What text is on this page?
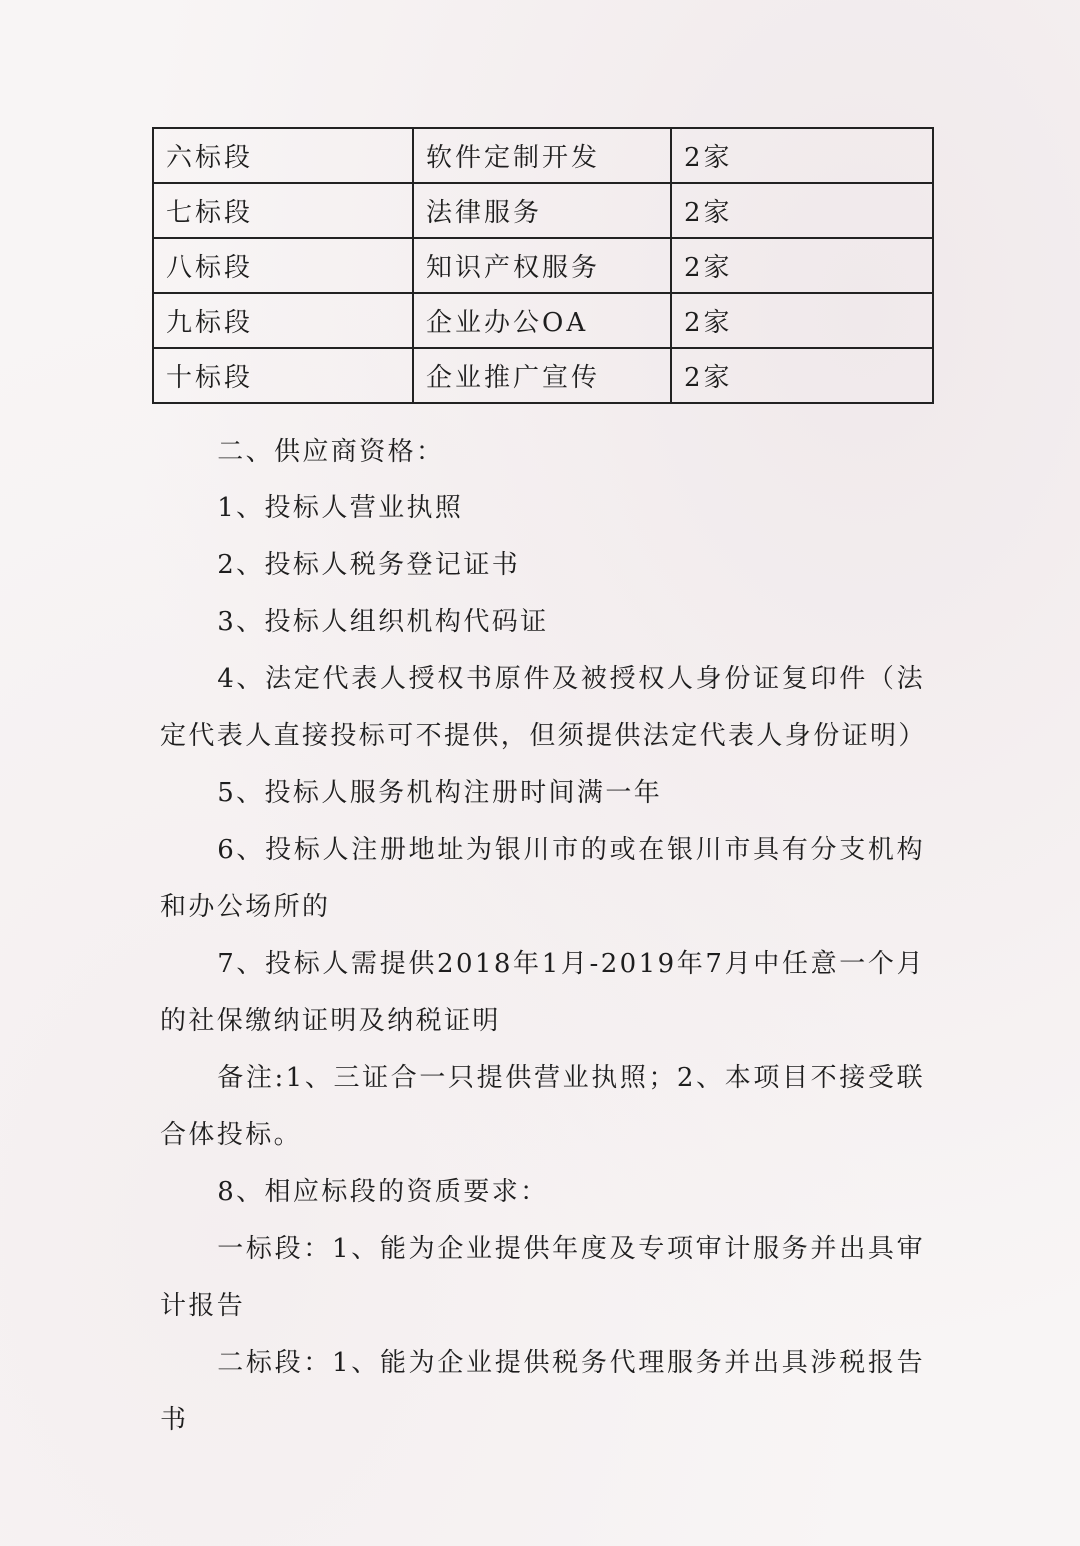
六标段	软件定制开发	2家
七标段	法律服务	2家
八标段	知识产权服务	2家
九标段	企业办公OA	2家
十标段	企业推广宣传	2家

二、供应商资格：

1、投标人营业执照

2、投标人税务登记证书

3、投标人组织机构代码证

4、法定代表人授权书原件及被授权人身份证复印件（法定代表人直接投标可不提供，但须提供法定代表人身份证明）

5、投标人服务机构注册时间满一年

6、投标人注册地址为银川市的或在银川市具有分支机构和办公场所的

7、投标人需提供2018年1月-2019年7月中任意一个月的社保缴纳证明及纳税证明

备注:1、三证合一只提供营业执照；2、本项目不接受联合体投标。

8、相应标段的资质要求：

一标段：1、能为企业提供年度及专项审计服务并出具审计报告

二标段：1、能为企业提供税务代理服务并出具涉税报告书
